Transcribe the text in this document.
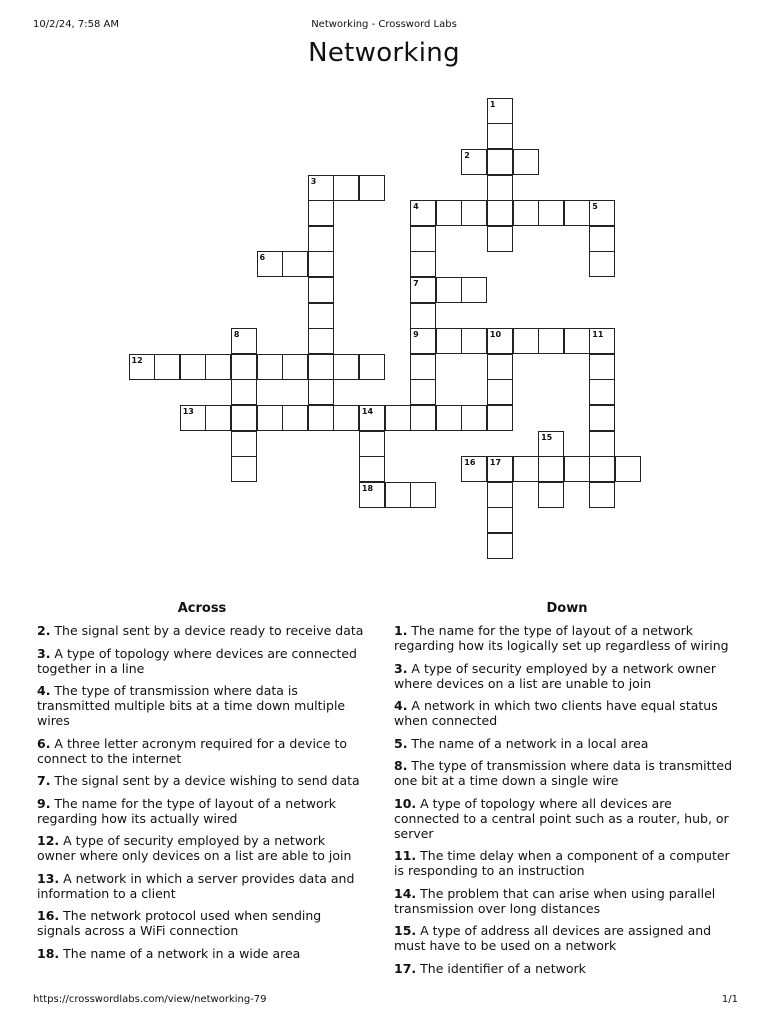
10/2/24, 7:58 AM	Networking - Crossword Labs
Networking
1
2
3
4	5
6
7
8	9	10	11
12
13	14
15
16 17
18
Across
2. The signal sent by a device ready to receive data
3. A type of topology where devices are connected together in a line
4. The type of transmission where data is transmitted multiple bits at a time down multiple wires
6. A three letter acronym required for a device to connect to the internet
7. The signal sent by a device wishing to send data
9. The name for the type of layout of a network regarding how its actually wired
12. A type of security employed by a network owner where only devices on a list are able to join
13. A network in which a server provides data and information to a client
16. The network protocol used when sending signals across a WiFi connection
18. The name of a network in a wide area
Down
1. The name for the type of layout of a network regarding how its logically set up regardless of wiring
3. A type of security employed by a network owner where devices on a list are unable to join
4. A network in which two clients have equal status when connected
5. The name of a network in a local area
8. The type of transmission where data is transmitted one bit at a time down a single wire
10. A type of topology where all devices are connected to a central point such as a router, hub, or server
11. The time delay when a component of a computer is responding to an instruction
14. The problem that can arise when using parallel transmission over long distances
15. A type of address all devices are assigned and must have to be used on a network
17. The identifier of a network
https://crosswordlabs.com/view/networking-79	1/1
